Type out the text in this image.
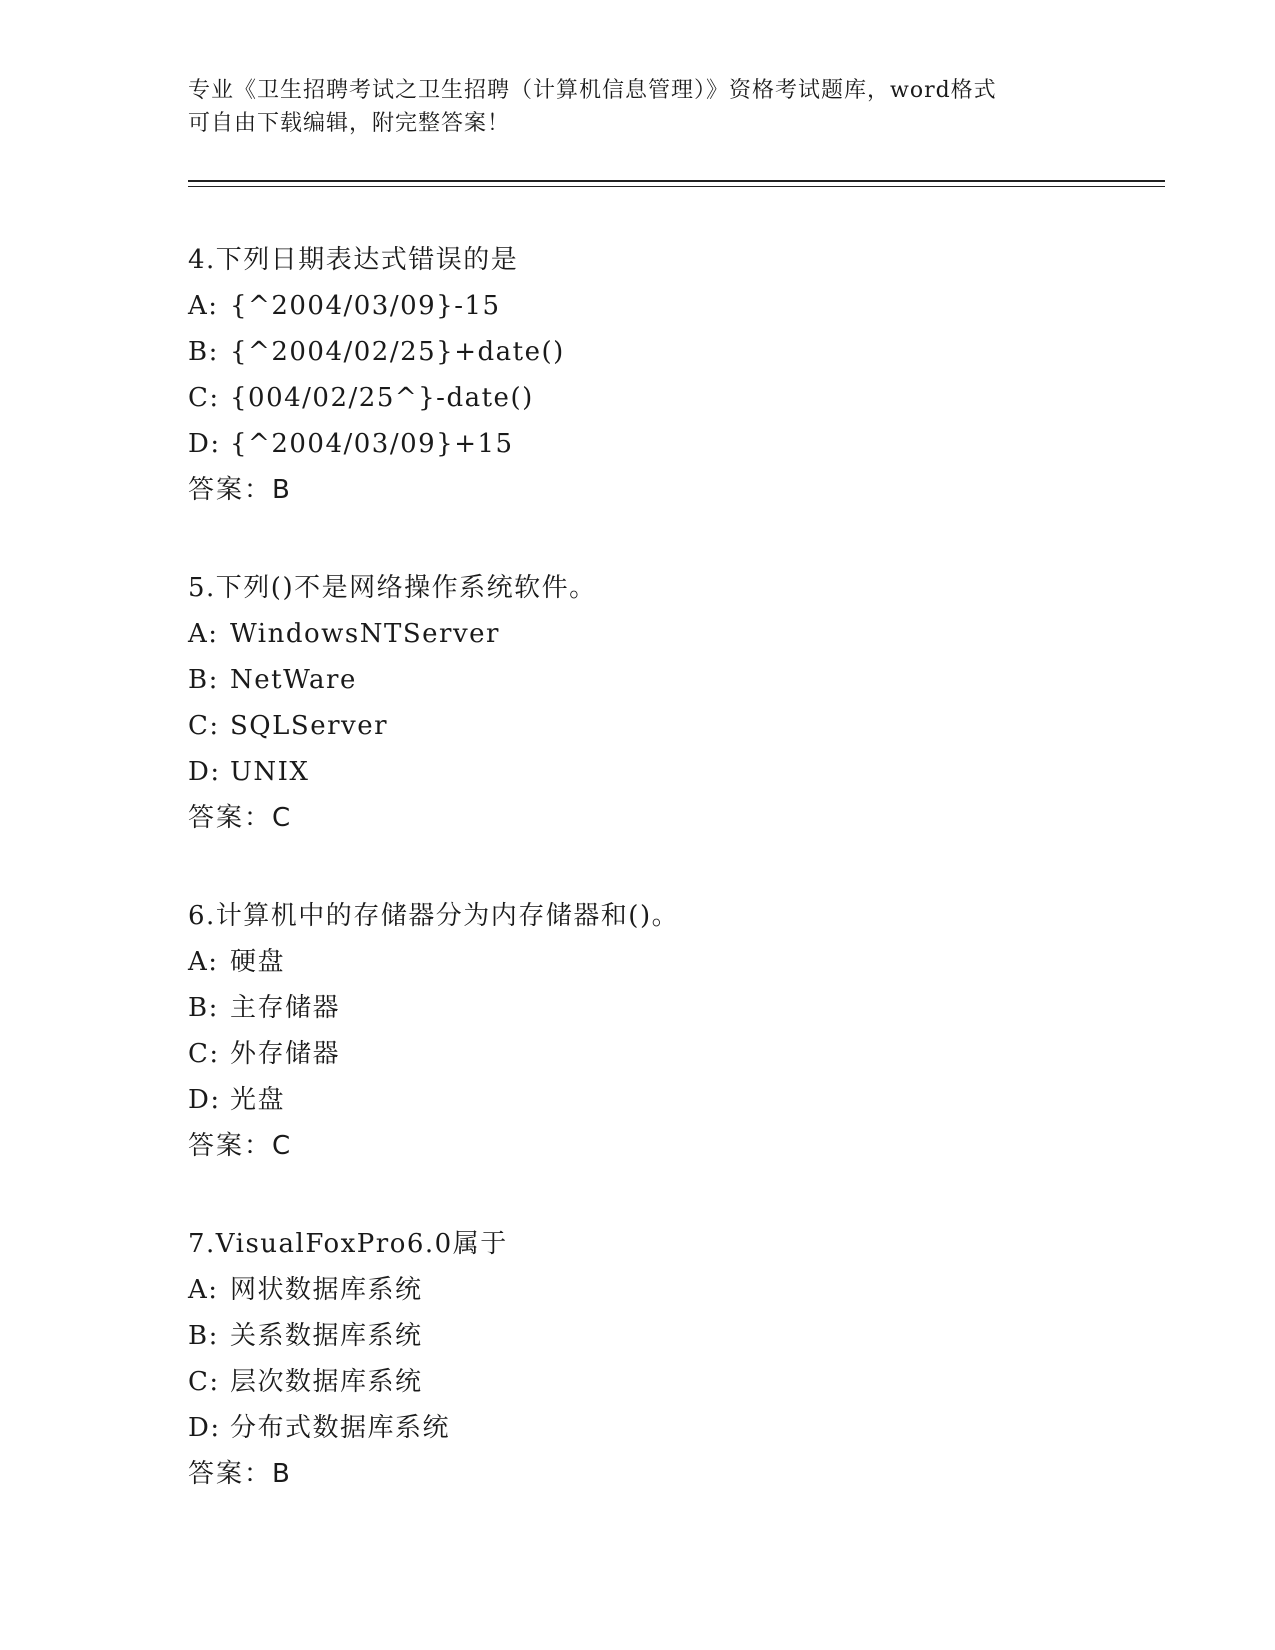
专业《卫生招聘考试之卫生招聘（计算机信息管理）》资格考试题库，word格式
可自由下载编辑，附完整答案！
4.下列日期表达式错误的是
A: {^2004/03/09}-15
B: {^2004/02/25}+date()
C: {004/02/25^}-date()
D: {^2004/03/09}+15
答案：B
5.下列()不是网络操作系统软件。
A: WindowsNTServer
B: NetWare
C: SQLServer
D: UNIX
答案：C
6.计算机中的存储器分为内存储器和()。
A: 硬盘
B: 主存储器
C: 外存储器
D: 光盘
答案：C
7.VisualFoxPro6.0属于
A: 网状数据库系统
B: 关系数据库系统
C: 层次数据库系统
D: 分布式数据库系统
答案：B
